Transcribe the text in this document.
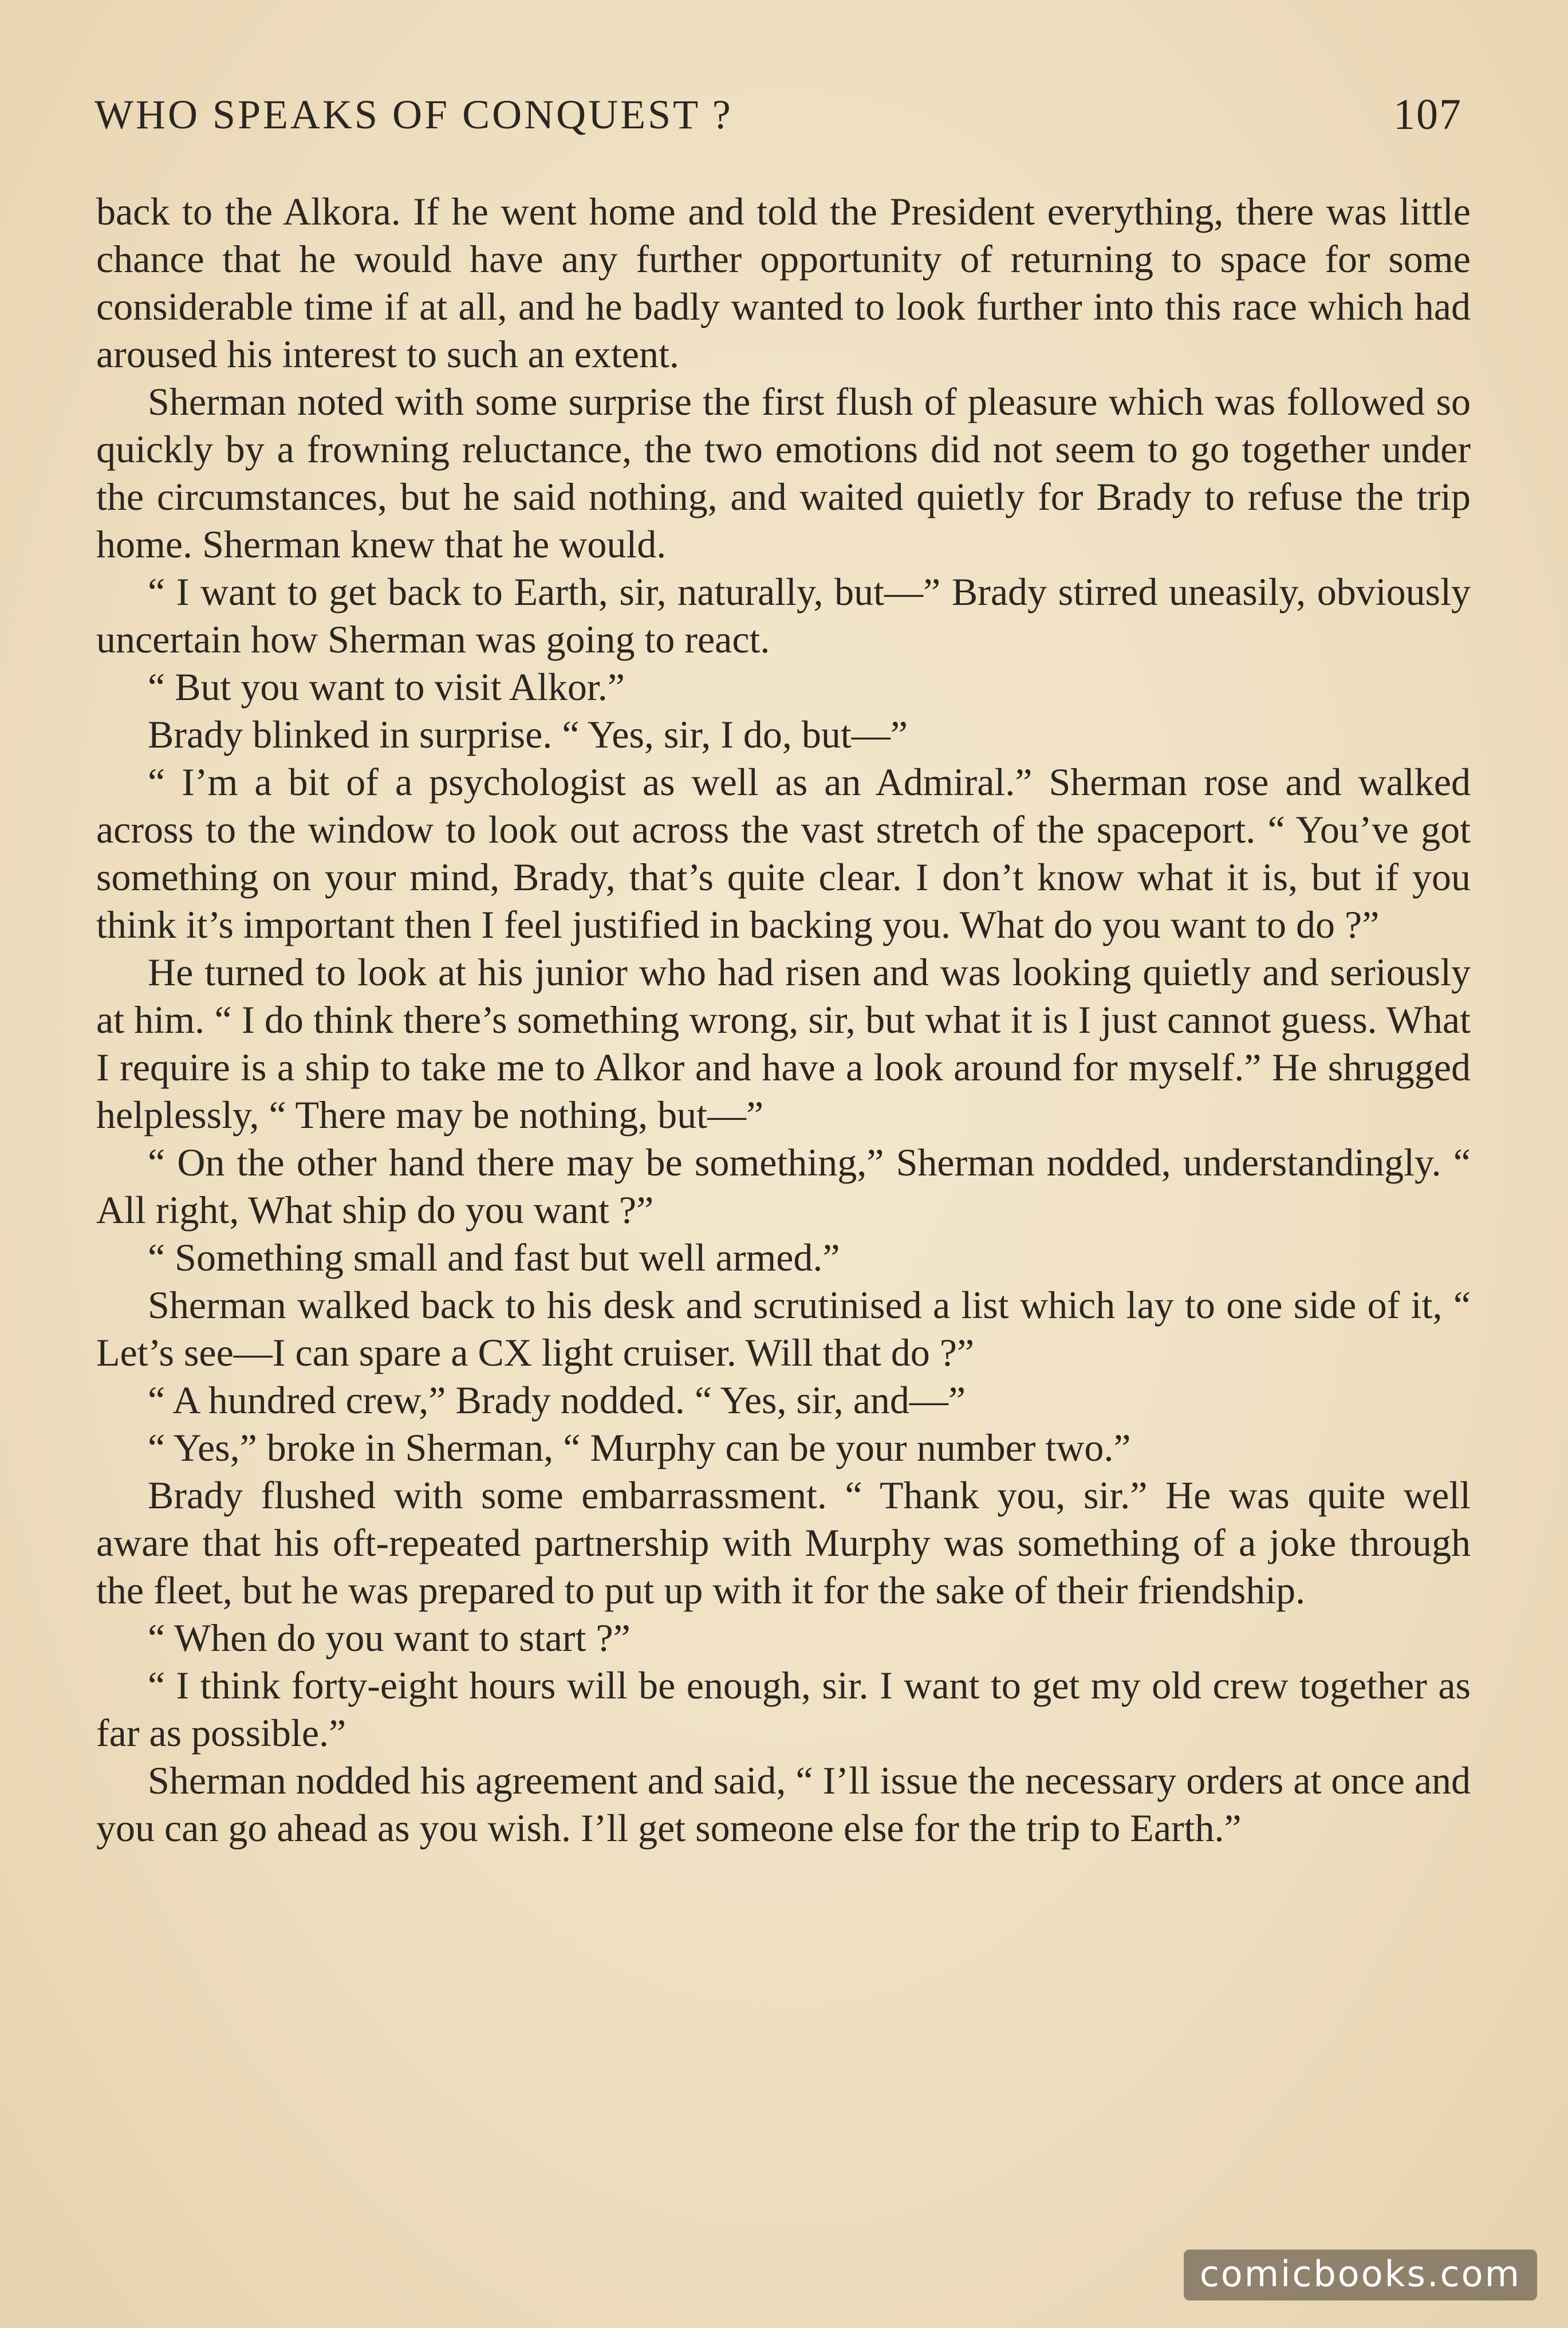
WHO SPEAKS OF CONQUEST ?	107

back to the Alkora. If he went home and told the President everything, there was little chance that he would have any further opportunity of returning to space for some considerable time if at all, and he badly wanted to look further into this race which had aroused his interest to such an extent.

Sherman noted with some surprise the first flush of pleasure which was followed so quickly by a frowning reluctance, the two emotions did not seem to go together under the circumstances, but he said nothing, and waited quietly for Brady to refuse the trip home. Sherman knew that he would.

“ I want to get back to Earth, sir, naturally, but—” Brady stirred uneasily, obviously uncertain how Sherman was going to react.

“ But you want to visit Alkor.”

Brady blinked in surprise. “ Yes, sir, I do, but—”

“ I’m a bit of a psychologist as well as an Admiral.” Sherman rose and walked across to the window to look out across the vast stretch of the spaceport. “ You’ve got something on your mind, Brady, that’s quite clear. I don’t know what it is, but if you think it’s important then I feel justified in backing you. What do you want to do ?”

He turned to look at his junior who had risen and was looking quietly and seriously at him. “ I do think there’s something wrong, sir, but what it is I just cannot guess. What I require is a ship to take me to Alkor and have a look around for myself.” He shrugged helplessly, “ There may be nothing, but—”

“ On the other hand there may be something,” Sherman nodded, understandingly. “ All right, What ship do you want ?”

“ Something small and fast but well armed.”

Sherman walked back to his desk and scrutinised a list which lay to one side of it, “ Let’s see—I can spare a CX light cruiser. Will that do ?”

“ A hundred crew,” Brady nodded. “ Yes, sir, and—”

“ Yes,” broke in Sherman, “ Murphy can be your number two.”

Brady flushed with some embarrassment. “ Thank you, sir.” He was quite well aware that his oft-repeated partnership with Murphy was something of a joke through the fleet, but he was prepared to put up with it for the sake of their friendship.

“ When do you want to start ?”

“ I think forty-eight hours will be enough, sir. I want to get my old crew together as far as possible.”

Sherman nodded his agreement and said, “ I’ll issue the necessary orders at once and you can go ahead as you wish. I’ll get someone else for the trip to Earth.”

comicbooks.com
